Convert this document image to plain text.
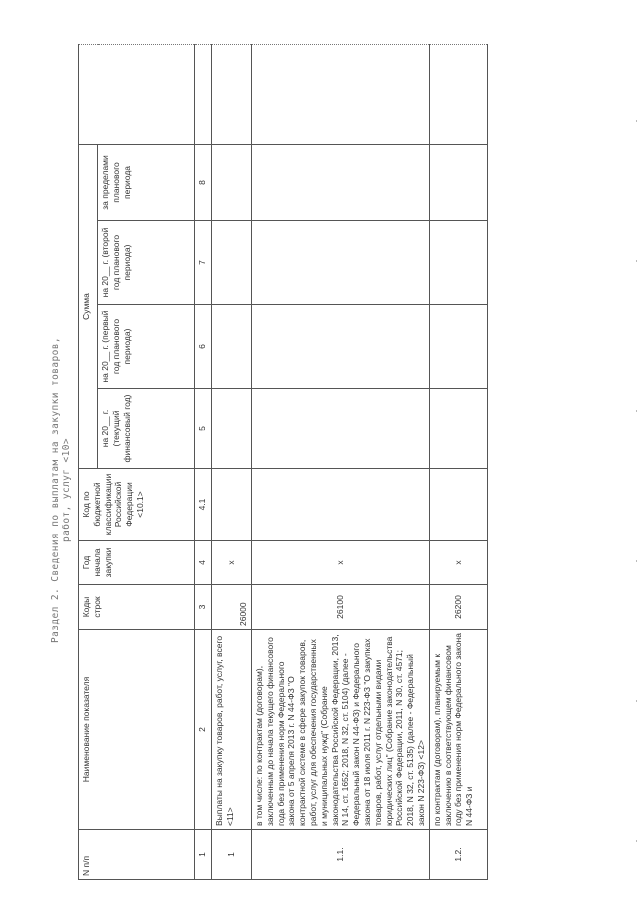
Раздел 2. Сведения по выплатам на закупки товаров, работ, услуг <10>
N п/п	Наименование показателя	Коды строк	Год начала закупки	Код по бюджетной классификации Российской Федерации <10.1>	Сумма				
					на 20__ г. (текущий финансовый год)	на 20__ г. (первый год планового периода)	на 20__ г. (второй год планового периода)	за пределами планового периода	
1	2	3	4	4.1	5	6	7	8	
1	Выплаты на закупку товаров, работ, услуг, всего <11>	26000	x						
1.1.	в том числе: по контрактам (договорам), заключенным до начала текущего финансового года без применения норм Федерального закона от 5 апреля 2013 г. N 44-ФЗ "О контрактной системе в сфере закупок товаров, работ, услуг для обеспечения государственных и муниципальных нужд" (Собрание законодательства Российской Федерации, 2013, N 14, ст. 1652; 2018, N 32, ст. 5104) (далее - Федеральный закон N 44-ФЗ) и Федерального закона от 18 июля 2011 г. N 223-ФЗ "О закупках товаров, работ, услуг отдельными видами юридических лиц" (Собрание законодательства Российской Федерации, 2011, N 30, ст. 4571; 2018, N 32, ст. 5135) (далее - Федеральный закон N 223-ФЗ) <12>	26100	x						
1.2.	по контрактам (договорам), планируемым к заключению в соответствующем финансовом году без применения норм Федерального закона N 44-ФЗ и	26200	x						
